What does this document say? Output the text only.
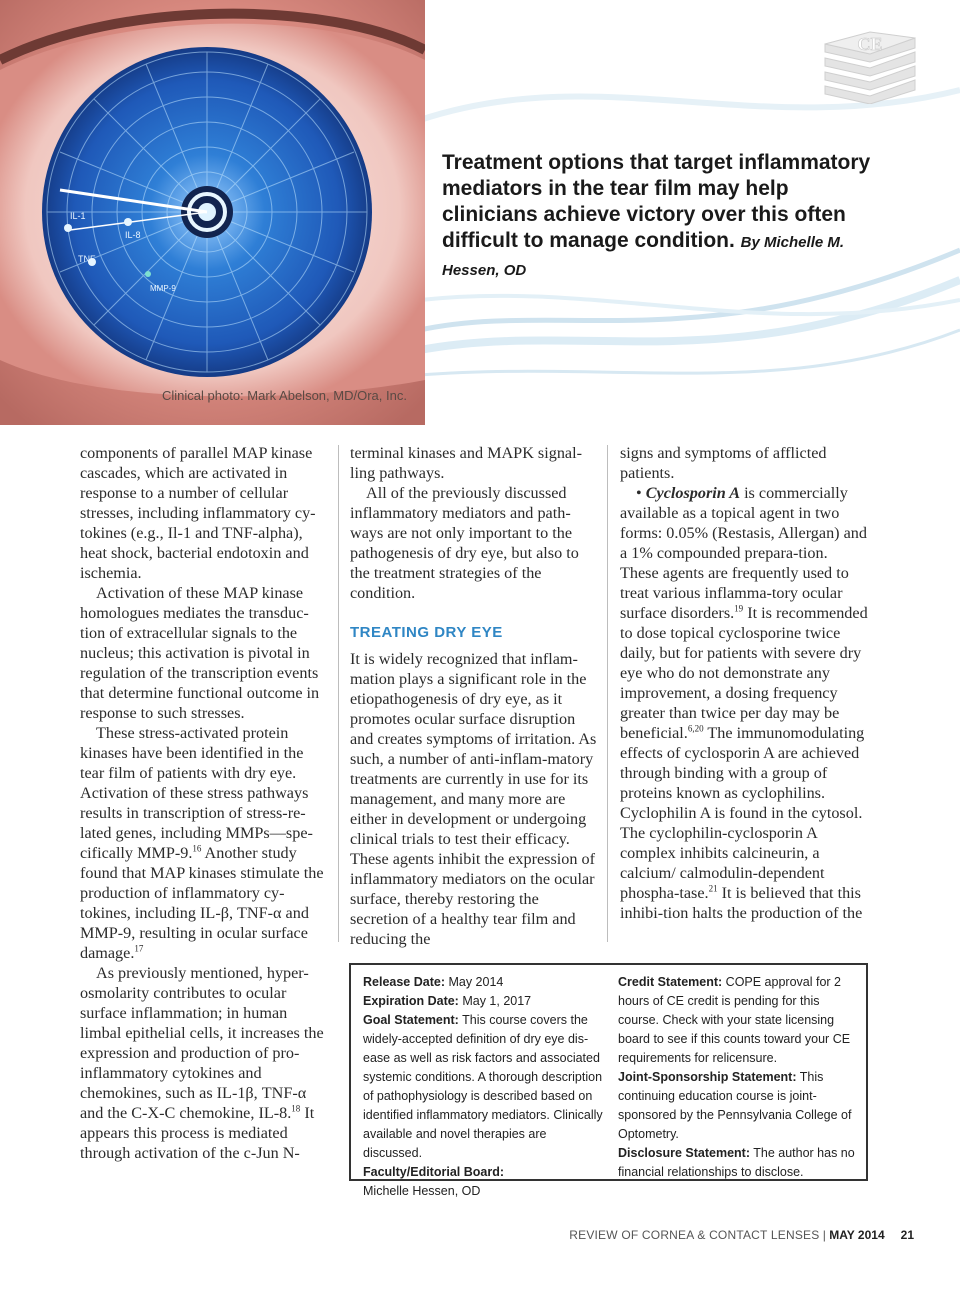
IL-1
IL-8
TNF
MMP-9
Clinical photo: Mark Abelson, MD/Ora, Inc.
CE
Treatment options that target inflammatory mediators in the tear film may help clinicians achieve victory over this often difficult to manage condition. By Michelle M. Hessen, OD

components of parallel MAP kinase cascades, which are activated in response to a number of cellular stresses, including inflammatory cy-tokines (e.g., Il-1 and TNF-alpha), heat shock, bacterial endotoxin and ischemia.

Activation of these MAP kinase homologues mediates the transduc-tion of extracellular signals to the nucleus; this activation is pivotal in regulation of the transcription events that determine functional outcome in response to such stresses.

These stress-activated protein kinases have been identified in the tear film of patients with dry eye. Activation of these stress pathways results in transcription of stress-re-lated genes, including MMPs—spe-cifically MMP-9.16 Another study found that MAP kinases stimulate the production of inflammatory cy-tokines, including IL-β, TNF-α and MMP-9, resulting in ocular surface damage.$^{17}$

As previously mentioned, hyper-osmolarity contributes to ocular surface inflammation; in human limbal epithelial cells, it increases the expression and production of pro-inflammatory cytokines and chemokines, such as IL-1β, TNF-α and the C-X-C chemokine, IL-8.18 It appears this process is mediated through activation of the c-Jun N-

terminal kinases and MAPK signal-ling pathways.

All of the previously discussed inflammatory mediators and path-ways are not only important to the pathogenesis of dry eye, but also to the treatment strategies of the condition.

TREATING DRY EYE

It is widely recognized that inflam-mation plays a significant role in the etiopathogenesis of dry eye, as it promotes ocular surface disruption and creates symptoms of irritation. As such, a number of anti-inflam-matory treatments are currently in use for its management, and many more are either in development or undergoing clinical trials to test their efficacy. These agents inhibit the expression of inflammatory mediators on the ocular surface, thereby restoring the secretion of a healthy tear film and reducing the

signs and symptoms of afflicted patients.

• Cyclosporin A is commercially available as a topical agent in two forms: 0.05% (Restasis, Allergan) and a 1% compounded prepara-tion. These agents are frequently used to treat various inflamma-tory ocular surface disorders.$^{19}$ It is recommended to dose topical cyclosporine twice daily, but for patients with severe dry eye who do not demonstrate any improvement, a dosing frequency greater than twice per day may be beneficial.$^{6,20}$ The immunomodulating effects of cyclosporin A are achieved through binding with a group of proteins known as cyclophilins. Cyclophilin A is found in the cytosol. The cyclophilin-cyclosporin A complex inhibits calcineurin, a calcium/ calmodulin-dependent phospha-tase.$^{21}$ It is believed that this inhibi-tion halts the production of the

Release Date: May 2014

Expiration Date: May 1, 2017

Goal Statement: This course covers the widely-accepted definition of dry eye dis-ease as well as risk factors and associated systemic conditions. A thorough description of pathophysiology is described based on identified inflammatory mediators. Clinically available and novel therapies are discussed.

Faculty/Editorial Board:

Michelle Hessen, OD

Credit Statement: COPE approval for 2 hours of CE credit is pending for this course. Check with your state licensing board to see if this counts toward your CE requirements for relicensure.

Joint-Sponsorship Statement: This continuing education course is joint-sponsored by the Pennsylvania College of Optometry.

Disclosure Statement: The author has no financial relationships to disclose.

REVIEW OF CORNEA & CONTACT LENSES | MAY 2014 21
